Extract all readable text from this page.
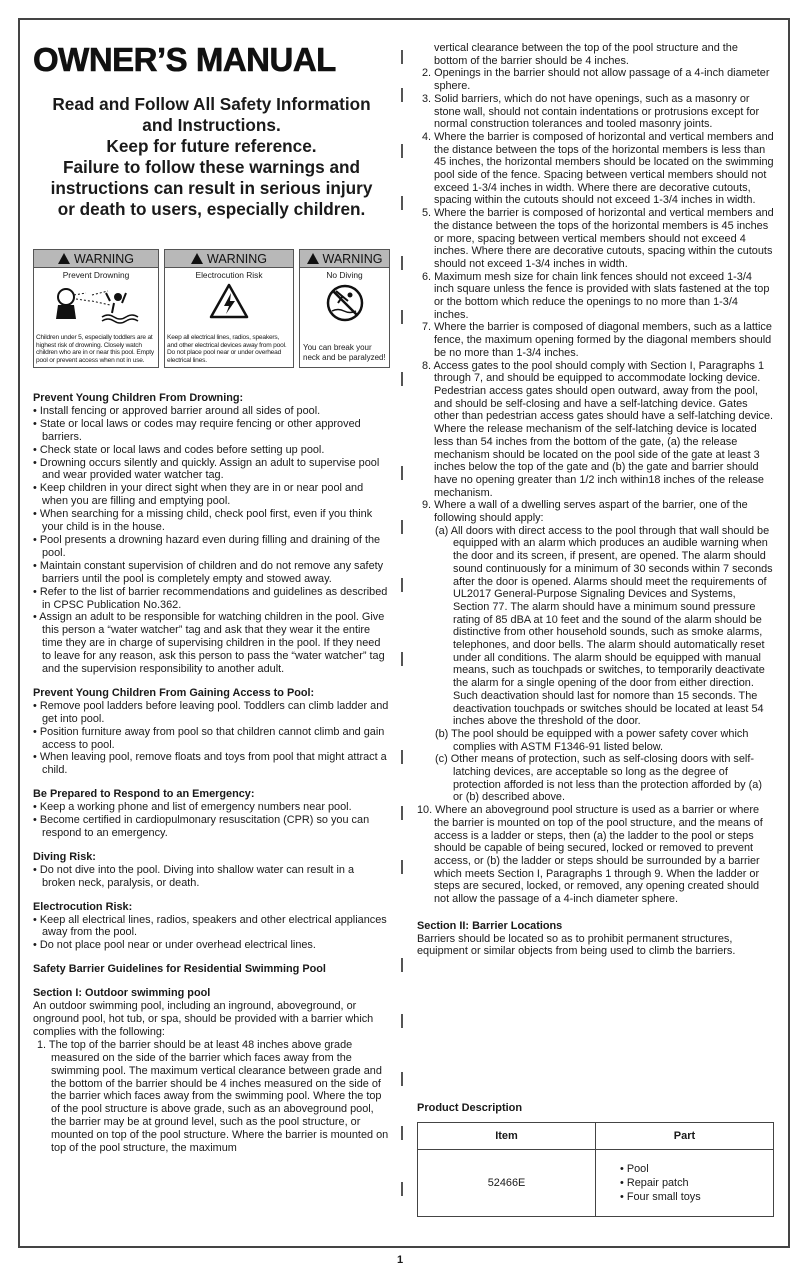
OWNER’S MANUAL
Read and Follow All Safety Information
and Instructions.
Keep for future reference.
Failure to follow these warnings and
instructions can result in serious injury
or death to users, especially children.
WARNING
Prevent Drowning
Children under 5, especially toddlers are at highest risk of drowning. Closely watch children who are in or near this pool. Empty pool or prevent access when not in use.
WARNING
Electrocution Risk
Keep all electrical lines, radios, speakers, and other electrical devices away from pool. Do not place pool near or under overhead electrical lines.
WARNING
No Diving
You can break your neck and be paralyzed!
Prevent Young Children From Drowning:
• Install fencing or approved barrier around all sides of pool.
• State or local laws or codes may require fencing or other approved barriers.
• Check state or local laws and codes before setting up pool.
• Drowning occurs silently and quickly. Assign an adult to supervise pool and wear provided water watcher tag.
• Keep children in your direct sight when they are in or near pool and when you are filling and emptying pool.
• When searching for a missing child, check pool first, even if you think your child is in the house.
• Pool presents a drowning hazard even during filling and draining of the pool.
• Maintain constant supervision of children and do not remove any safety barriers until the pool is completely empty and stowed away.
• Refer to the list of barrier recommendations and guidelines as described in CPSC Publication No.362.
• Assign an adult to be responsible for watching children in the pool. Give this person a “water watcher” tag and ask that they wear it the entire time they are in charge of supervising children in the pool. If they need to leave for any reason, ask this person to pass the “water watcher” tag and the supervision responsibility to another adult.
Prevent Young Children From Gaining Access to Pool:
• Remove pool ladders before leaving pool. Toddlers can climb ladder and get into pool.
• Position furniture away from pool so that children cannot climb and gain access to pool.
• When leaving pool, remove floats and toys from pool that might attract a child.
Be Prepared to Respond to an Emergency:
• Keep a working phone and list of emergency numbers near pool.
• Become certified in cardiopulmonary resuscitation (CPR) so you can respond to an emergency.
Diving Risk:
• Do not dive into the pool. Diving into shallow water can result in a broken neck, paralysis, or death.
Electrocution Risk:
• Keep all electrical lines, radios, speakers and other electrical appliances away from the pool.
• Do not place pool near or under overhead electrical lines.
Safety Barrier Guidelines for Residential Swimming Pool
Section I: Outdoor swimming pool
An outdoor swimming pool, including an inground, aboveground, or onground pool, hot tub, or spa, should be provided with a barrier which complies with the following:
1. The top of the barrier should be at least 48 inches above grade measured on the side of the barrier which faces away from the swimming pool. The maximum vertical clearance between grade and the bottom of the barrier should be 4 inches measured on the side of the barrier which faces away from the swimming pool. Where the top of the pool structure is above grade, such as an aboveground pool, the barrier may be at ground level, such as the pool structure, or mounted on top of the pool structure. Where the barrier is mounted on top of the pool structure, the maximum
vertical clearance between the top of the pool structure and the bottom of the barrier should be 4 inches.
2. Openings in the barrier should not allow passage of a 4-inch diameter sphere.
3. Solid barriers, which do not have openings, such as a masonry or stone wall, should not contain indentations or protrusions except for normal construction tolerances and tooled masonry joints.
4. Where the barrier is composed of horizontal and vertical members and the distance between the tops of the horizontal members is less than 45 inches, the horizontal members should be located on the swimming pool side of the fence. Spacing between vertical members should not exceed 1-3/4 inches in width. Where there are decorative cutouts, spacing within the cutouts should not exceed 1-3/4 inches in width.
5. Where the barrier is composed of horizontal and vertical members and the distance between the tops of the horizontal members is 45 inches or more, spacing between vertical members should not exceed 4 inches. Where there are decorative cutouts, spacing within the cutouts should not exceed 1-3/4 inches in width.
6. Maximum mesh size for chain link fences should not exceed 1-3/4 inch square unless the fence is provided with slats fastened at the top or the bottom which reduce the openings to no more than 1-3/4 inches.
7. Where the barrier is composed of diagonal members, such as a lattice fence, the maximum opening formed by the diagonal members should be no more than 1-3/4 inches.
8. Access gates to the pool should comply with Section I, Paragraphs 1 through 7, and should be equipped to accommodate locking device. Pedestrian access gates should open outward, away from the pool, and should be self-closing and have a self-latching device. Gates other than pedestrian access gates should have a self-latching device. Where the release mechanism of the self-latching device is located less than 54 inches from the bottom of the gate, (a) the release mechanism should be located on the pool side of the gate at least 3 inches below the top of the gate and (b) the gate and barrier should have no opening greater than 1/2 inch within18 inches of the release mechanism.
9. Where a wall of a dwelling serves aspart of the barrier, one of the following should apply:
(a) All doors with direct access to the pool through that wall should be equipped with an alarm which produces an audible warning when the door and its screen, if present, are opened. The alarm should sound continuously for a minimum of 30 seconds within 7 seconds after the door is opened. Alarms should meet the requirements of UL2017 General-Purpose Signaling Devices and Systems, Section 77. The alarm should have a minimum sound pressure rating of 85 dBA at 10 feet and the sound of the alarm should be distinctive from other household sounds, such as smoke alarms, telephones, and door bells. The alarm should automatically reset under all conditions. The alarm should be equipped with manual means, such as touchpads or switches, to temporarily deactivate the alarm for a single opening of the door from either direction. Such deactivation should last for nomore than 15 seconds. The deactivation touchpads or switches should be located at least 54 inches above the threshold of the door.
(b) The pool should be equipped with a power safety cover which complies with ASTM F1346-91 listed below.
(c) Other means of protection, such as self-closing doors with self-latching devices, are acceptable so long as the degree of protection afforded is not less than the protection afforded by (a) or (b) described above.
10. Where an aboveground pool structure is used as a barrier or where the barrier is mounted on top of the pool structure, and the means of access is a ladder or steps, then (a) the ladder to the pool or steps should be capable of being secured, locked or removed to prevent access, or (b) the ladder or steps should be surrounded by a barrier which meets Section I, Paragraphs 1 through 9. When the ladder or steps are secured, locked, or removed, any opening created should not allow the passage of a 4-inch diameter sphere.
Section II: Barrier Locations
Barriers should be located so as to prohibit permanent structures, equipment or similar objects from being used to climb the barriers.
Product Description
Item	Part
52466E	• Pool
• Repair patch
• Four small toys
1
